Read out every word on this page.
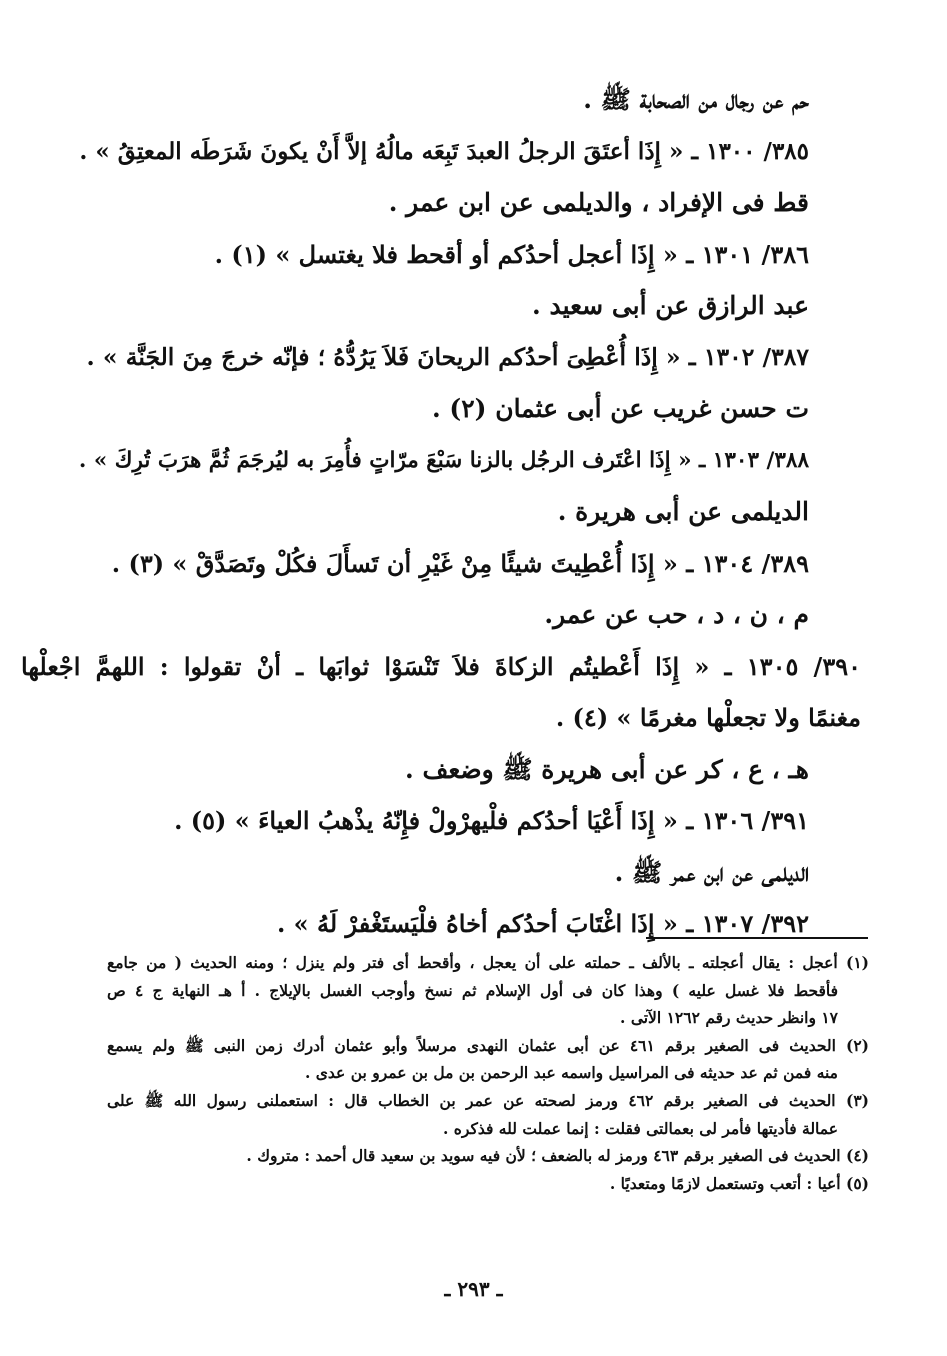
حم عن رجال من الصحابة ﷺ .
٣٨٥/ ١٣٠٠ ـ « إِذَا أعتَقَ الرجلُ العبدَ تَبِعَه مالُهُ إلاَّ أَنْ يكونَ شَرَطَه المعتِقُ » .
قط فى الإفراد ، والديلمى عن ابن عمر .
٣٨٦/ ١٣٠١ ـ « إِذَا أعجل أحدُكم أو أقحط فلا يغتسل » (١) .
عبد الرازق عن أبى سعيد .
٣٨٧/ ١٣٠٢ ـ « إِذَا أُعْطِىَ أحدُكم الريحانَ فَلاَ يَرُدُّهُ ؛ فإنّه خرجَ مِنَ الجَنَّة » .
ت حسن غريب عن أبى عثمان (٢) .
٣٨٨/ ١٣٠٣ ـ « إِذَا اعْتَرف الرجُل بالزنا سَبْعَ مرّاتٍ فأُمِرَ به ليُرجَمَ ثُمَّ هرَبَ تُرِكَ » .
الديلمى عن أبى هريرة .
٣٨٩/ ١٣٠٤ ـ « إِذَا أُعْطِيتَ شيئًا مِنْ غَيْرِ أن تَسأَلَ فكُلْ وتَصَدَّقْ » (٣) .
م ، ن ، د ، حب عن عمر.
٣٩٠/ ١٣٠٥ ـ « إِذَا أَعْطيتُم الزكاةَ فلاَ تَنْسَوْا ثوابَها ـ أنْ تقولوا : اللهمَّ اجْعلْها
مغنمًا ولا تجعلْها مغرمًا » (٤) .
هـ ، ع ، كر عن أبى هريرة ﷺ وضعف .
٣٩١/ ١٣٠٦ ـ « إِذَا أَعْيَا أحدُكم فلْيهرْولْ فإِنّهُ يذْهبُ العياءَ » (٥) .
الديلمى عن ابن عمر ﷺ .
٣٩٢/ ١٣٠٧ ـ « إِذَا اغْتَابَ أحدُكم أخاهُ فلْيَستَغْفرْ لَهُ » .
(١) أعجل : يقال أعجلته ـ بالألف ـ حملته على أن يعجل ، وأقحط أى فتر ولم ينزل ؛ ومنه الحديث ( من جامع
فأقحط فلا غسل عليه ) وهذا كان فى أول الإسلام ثم نسخ وأوجب الغسل بالإيلاج . أ هـ النهاية ج ٤ ص
١٧ وانظر حديث رقم ١٢٦٢ الآتى .
(٢) الحديث فى الصغير برقم ٤٦١ عن أبى عثمان النهدى مرسلاً وأبو عثمان أدرك زمن النبى ﷺ ولم يسمع
منه فمن ثم عد حديثه فى المراسيل واسمه عبد الرحمن بن مل بن عمرو بن عدى .
(٣) الحديث فى الصغير برقم ٤٦٢ ورمز لصحته عن عمر بن الخطاب قال : استعملنى رسول الله ﷺ على
عمالة فأديتها فأمر لى بعمالتى فقلت : إنما عملت لله فذكره .
(٤) الحديث فى الصغير برقم ٤٦٣ ورمز له بالضعف ؛ لأن فيه سويد بن سعيد قال أحمد : متروك .
(٥) أعيا : أتعب وتستعمل لازمًا ومتعديًا .
ـ ٢٩٣ ـ
